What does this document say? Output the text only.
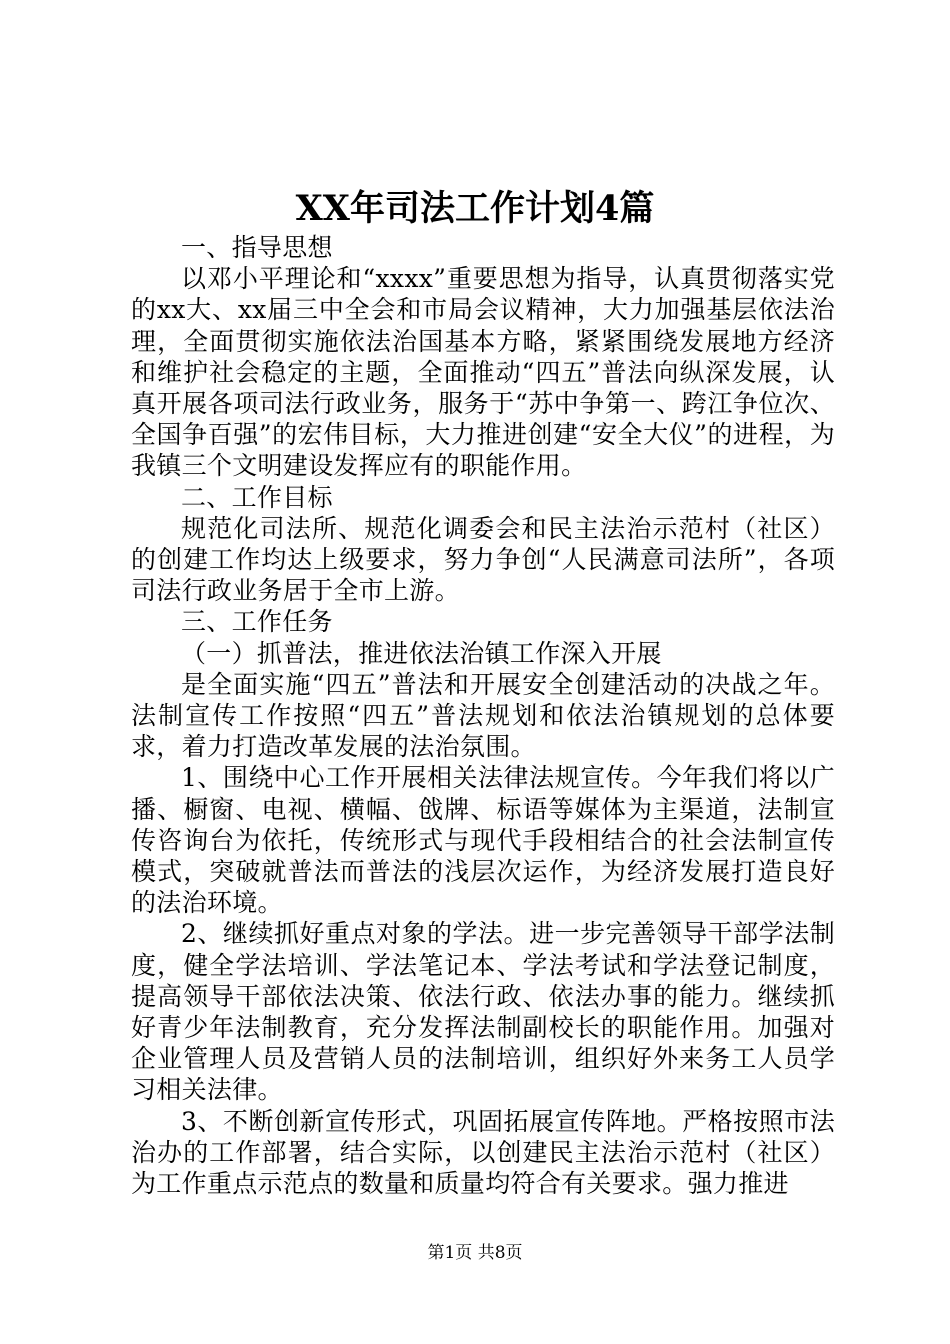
XX年司法工作计划4篇

一、指导思想

以邓小平理论和“xxxx”重要思想为指导，认真贯彻落实党的xx大、xx届三中全会和市局会议精神，大力加强基层依法治理，全面贯彻实施依法治国基本方略，紧紧围绕发展地方经济和维护社会稳定的主题，全面推动“四五”普法向纵深发展，认真开展各项司法行政业务，服务于“苏中争第一、跨江争位次、全国争百强”的宏伟目标，大力推进创建“安全大仪”的进程，为我镇三个文明建设发挥应有的职能作用。

二、工作目标

规范化司法所、规范化调委会和民主法治示范村（社区）的创建工作均达上级要求，努力争创“人民满意司法所”，各项司法行政业务居于全市上游。

三、工作任务

（一）抓普法，推进依法治镇工作深入开展

是全面实施“四五”普法和开展安全创建活动的决战之年。法制宣传工作按照“四五”普法规划和依法治镇规划的总体要求，着力打造改革发展的法治氛围。

1、围绕中心工作开展相关法律法规宣传。今年我们将以广播、橱窗、电视、横幅、戗牌、标语等媒体为主渠道，法制宣传咨询台为依托，传统形式与现代手段相结合的社会法制宣传模式，突破就普法而普法的浅层次运作，为经济发展打造良好的法治环境。

2、继续抓好重点对象的学法。进一步完善领导干部学法制度，健全学法培训、学法笔记本、学法考试和学法登记制度，提高领导干部依法决策、依法行政、依法办事的能力。继续抓好青少年法制教育，充分发挥法制副校长的职能作用。加强对企业管理人员及营销人员的法制培训，组织好外来务工人员学习相关法律。

3、不断创新宣传形式，巩固拓展宣传阵地。严格按照市法治办的工作部署，结合实际，以创建民主法治示范村（社区）为工作重点示范点的数量和质量均符合有关要求。强力推进

第1页 共8页
